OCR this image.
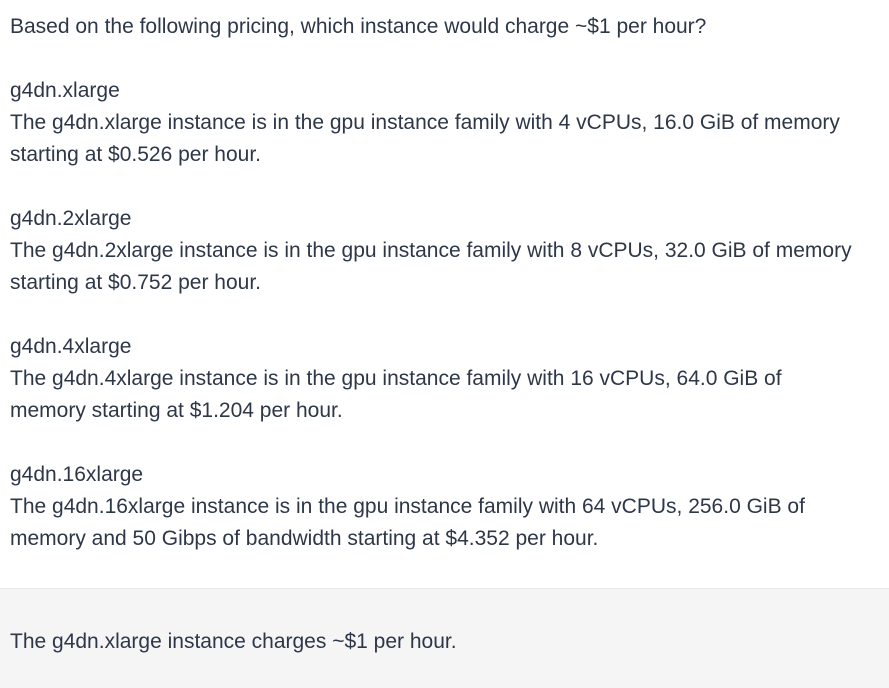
Based on the following pricing, which instance would charge ~$1 per hour?

g4dn.xlarge
The g4dn.xlarge instance is in the gpu instance family with 4 vCPUs, 16.0 GiB of memory starting at $0.526 per hour.

g4dn.2xlarge
The g4dn.2xlarge instance is in the gpu instance family with 8 vCPUs, 32.0 GiB of memory starting at $0.752 per hour.

g4dn.4xlarge
The g4dn.4xlarge instance is in the gpu instance family with 16 vCPUs, 64.0 GiB of memory starting at $1.204 per hour.

g4dn.16xlarge
The g4dn.16xlarge instance is in the gpu instance family with 64 vCPUs, 256.0 GiB of memory and 50 Gibps of bandwidth starting at $4.352 per hour.

The g4dn.xlarge instance charges ~$1 per hour.
